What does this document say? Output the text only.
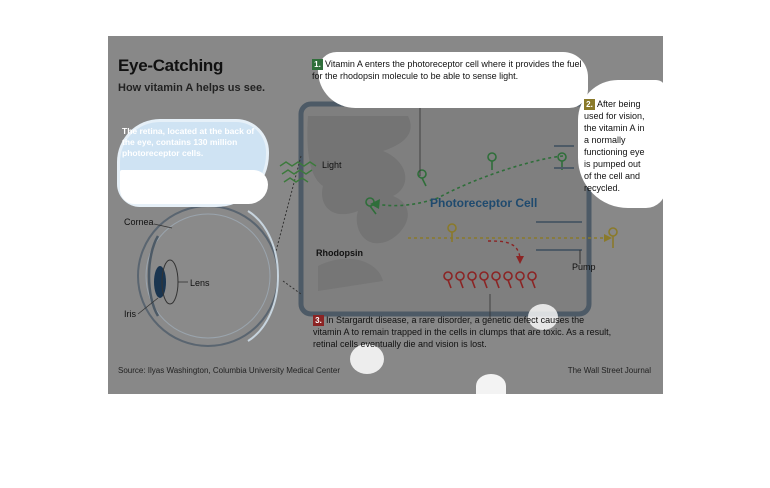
Eye-Catching
How vitamin A helps us see.
The retina, located at the back of the eye, contains 130 million photoreceptor cells.
1. Vitamin A enters the photoreceptor cell where it provides the fuel for the rhodopsin molecule to be able to sense light.
2. After being used for vision, the vitamin A in a normally functioning eye is pumped out of the cell and recycled.
3. In Stargardt disease, a rare disorder, a genetic defect causes the vitamin A to remain trapped in the cells in clumps that are toxic. As a result, retinal cells eventually die and vision is lost.
Light
Photoreceptor Cell
Rhodopsin
Pump
Cornea
Lens
Iris
Source: Ilyas Washington, Columbia University Medical Center	The Wall Street Journal
